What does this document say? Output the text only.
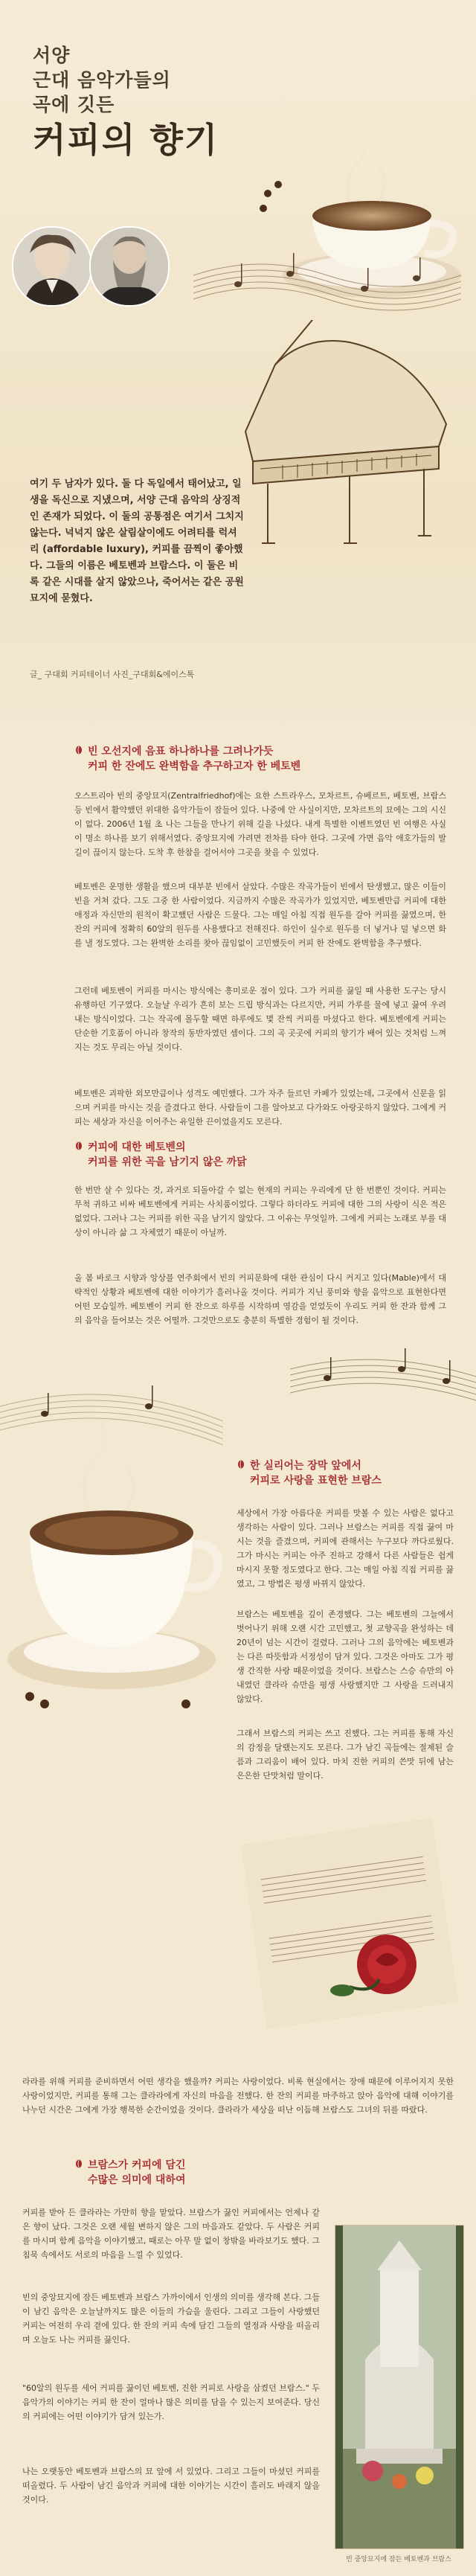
서양
근대 음악가들의
곡에 깃든
커피의 향기
여기 두 남자가 있다. 둘 다 독일에서 태어났고, 일생을 독신으로 지냈으며, 서양 근대 음악의 상징적인 존재가 되었다. 이 둘의 공통점은 여기서 그치지 않는다. 넉넉지 않은 살림살이에도 어려티를 럭셔리 (affordable luxury), 커피를 끔찍이 좋아했다. 그들의 이름은 베토벤과 브람스다. 이 둘은 비록 같은 시대를 살지 않았으나, 죽어서는 같은 공원묘지에 묻혔다.
글_ 구대회 커피테이너 사진_구대회&에이스톡
빈 오선지에 음표 하나하나를 그려나가듯
커피 한 잔에도 완벽함을 추구하고자 한 베토벤
오스트리아 빈의 중앙묘지(Zentralfriedhof)에는 요한 스트라우스, 모차르트, 슈베르트, 베토벤, 브람스 등 빈에서 활약했던 위대한 음악가들이 잠들어 있다. 나중에 안 사실이지만, 모차르트의 묘에는 그의 시신이 없다. 2006년 1월 초 나는 그들을 만나기 위해 길을 나섰다. 내게 특별한 이벤트였던 빈 여행은 사실 이 명소 하나를 보기 위해서였다. 중앙묘지에 가려면 전차를 타야 한다. 그곳에 가면 음악 애호가들의 발길이 끊이지 않는다. 도착 후 한참을 걸어서야 그곳을 찾을 수 있었다.
베토벤은 운명한 생활을 했으며 대부분 빈에서 살았다. 수많은 작곡가들이 빈에서 탄생했고, 많은 이들이 빈을 거쳐 갔다. 그도 그중 한 사람이었다. 지금까지 수많은 작곡가가 있었지만, 베토벤만큼 커피에 대한 애정과 자신만의 원칙이 확고했던 사람은 드물다. 그는 매일 아침 직접 원두를 갈아 커피를 끓였으며, 한 잔의 커피에 정확히 60알의 원두를 사용했다고 전해진다. 하인이 실수로 원두를 더 넣거나 덜 넣으면 화를 낼 정도였다. 그는 완벽한 소리를 찾아 끊임없이 고민했듯이 커피 한 잔에도 완벽함을 추구했다.
그런데 베토벤이 커피를 마시는 방식에는 흥미로운 점이 있다. 그가 커피를 끓일 때 사용한 도구는 당시 유행하던 기구였다. 오늘날 우리가 흔히 보는 드립 방식과는 다르지만, 커피 가루를 물에 넣고 끓여 우려내는 방식이었다. 그는 작곡에 몰두할 때면 하루에도 몇 잔씩 커피를 마셨다고 한다. 베토벤에게 커피는 단순한 기호품이 아니라 창작의 동반자였던 셈이다. 그의 곡 곳곳에 커피의 향기가 배어 있는 것처럼 느껴지는 것도 무리는 아닐 것이다.
베토벤은 괴팍한 외모만큼이나 성격도 예민했다. 그가 자주 들르던 카페가 있었는데, 그곳에서 신문을 읽으며 커피를 마시는 것을 즐겼다고 한다. 사람들이 그를 알아보고 다가와도 아랑곳하지 않았다. 그에게 커피는 세상과 자신을 이어주는 유일한 끈이었을지도 모른다.
커피에 대한 베토벤의
커피를 위한 곡을 남기지 않은 까닭
한 번만 살 수 있다는 것, 과거로 되돌아갈 수 없는 현재의 커피는 우리에게 단 한 번뿐인 것이다. 커피는 무척 귀하고 비싸 베토벤에게 커피는 사치품이었다. 그렇다 하더라도 커피에 대한 그의 사랑이 식은 적은 없었다. 그러나 그는 커피를 위한 곡을 남기지 않았다. 그 이유는 무엇일까. 그에게 커피는 노래로 부를 대상이 아니라 삶 그 자체였기 때문이 아닐까.
올 봄 바로크 시향과 앙상블 연주회에서 빈의 커피문화에 대한 관심이 다시 커지고 있다(Mable)에서 대략적인 상황과 베토벤에 대한 이야기가 흘러나올 것이다. 커피가 지닌 풍미와 향을 음악으로 표현한다면 어떤 모습일까. 베토벤이 커피 한 잔으로 하루를 시작하며 영감을 얻었듯이 우리도 커피 한 잔과 함께 그의 음악을 들어보는 것은 어떨까. 그것만으로도 충분히 특별한 경험이 될 것이다.
한 실리어는 장막 앞에서
커피로 사랑을 표현한 브람스
세상에서 가장 아름다운 커피를 맛볼 수 있는 사람은 없다고 생각하는 사람이 있다. 그러나 브람스는 커피를 직접 끓여 마시는 것을 즐겼으며, 커피에 관해서는 누구보다 까다로웠다. 그가 마시는 커피는 아주 진하고 강해서 다른 사람들은 쉽게 마시지 못할 정도였다고 한다. 그는 매일 아침 직접 커피를 끓였고, 그 방법은 평생 바뀌지 않았다.
브람스는 베토벤을 깊이 존경했다. 그는 베토벤의 그늘에서 벗어나기 위해 오랜 시간 고민했고, 첫 교향곡을 완성하는 데 20년이 넘는 시간이 걸렸다. 그러나 그의 음악에는 베토벤과는 다른 따뜻함과 서정성이 담겨 있다. 그것은 아마도 그가 평생 간직한 사랑 때문이었을 것이다. 브람스는 스승 슈만의 아내였던 클라라 슈만을 평생 사랑했지만 그 사랑을 드러내지 않았다.
그래서 브람스의 커피는 쓰고 진했다. 그는 커피를 통해 자신의 감정을 달랬는지도 모른다. 그가 남긴 곡들에는 절제된 슬픔과 그리움이 배어 있다. 마치 진한 커피의 쓴맛 뒤에 남는 은은한 단맛처럼 말이다.
라라를 위해 커피를 준비하면서 어떤 생각을 했을까? 커피는 사랑이었다. 비록 현실에서는 장애 때문에 이루어지지 못한 사랑이었지만, 커피를 통해 그는 클라라에게 자신의 마음을 전했다. 한 잔의 커피를 마주하고 앉아 음악에 대해 이야기를 나누던 시간은 그에게 가장 행복한 순간이었을 것이다. 클라라가 세상을 떠난 이듬해 브람스도 그녀의 뒤를 따랐다.
브람스가 커피에 담긴
수많은 의미에 대하여
커피를 받아 든 클라라는 가만히 향을 맡았다. 브람스가 끓인 커피에서는 언제나 같은 향이 났다. 그것은 오랜 세월 변하지 않은 그의 마음과도 같았다. 두 사람은 커피를 마시며 함께 음악을 이야기했고, 때로는 아무 말 없이 창밖을 바라보기도 했다. 그 침묵 속에서도 서로의 마음을 느낄 수 있었다.
빈의 중앙묘지에 잠든 베토벤과 브람스 가까이에서 인생의 의미를 생각해 본다. 그들이 남긴 음악은 오늘날까지도 많은 이들의 가슴을 울린다. 그리고 그들이 사랑했던 커피는 여전히 우리 곁에 있다. 한 잔의 커피 속에 담긴 그들의 열정과 사랑을 떠올리며 오늘도 나는 커피를 끓인다.
"60알의 원두를 세어 커피를 끓이던 베토벤, 진한 커피로 사랑을 삼켰던 브람스." 두 음악가의 이야기는 커피 한 잔이 얼마나 많은 의미를 담을 수 있는지 보여준다. 당신의 커피에는 어떤 이야기가 담겨 있는가.
나는 오랫동안 베토벤과 브람스의 묘 앞에 서 있었다. 그리고 그들이 마셨던 커피를 떠올렸다. 두 사람이 남긴 음악과 커피에 대한 이야기는 시간이 흘러도 바래지 않을 것이다.
빈 중앙묘지에 잠든 베토벤과 브람스
